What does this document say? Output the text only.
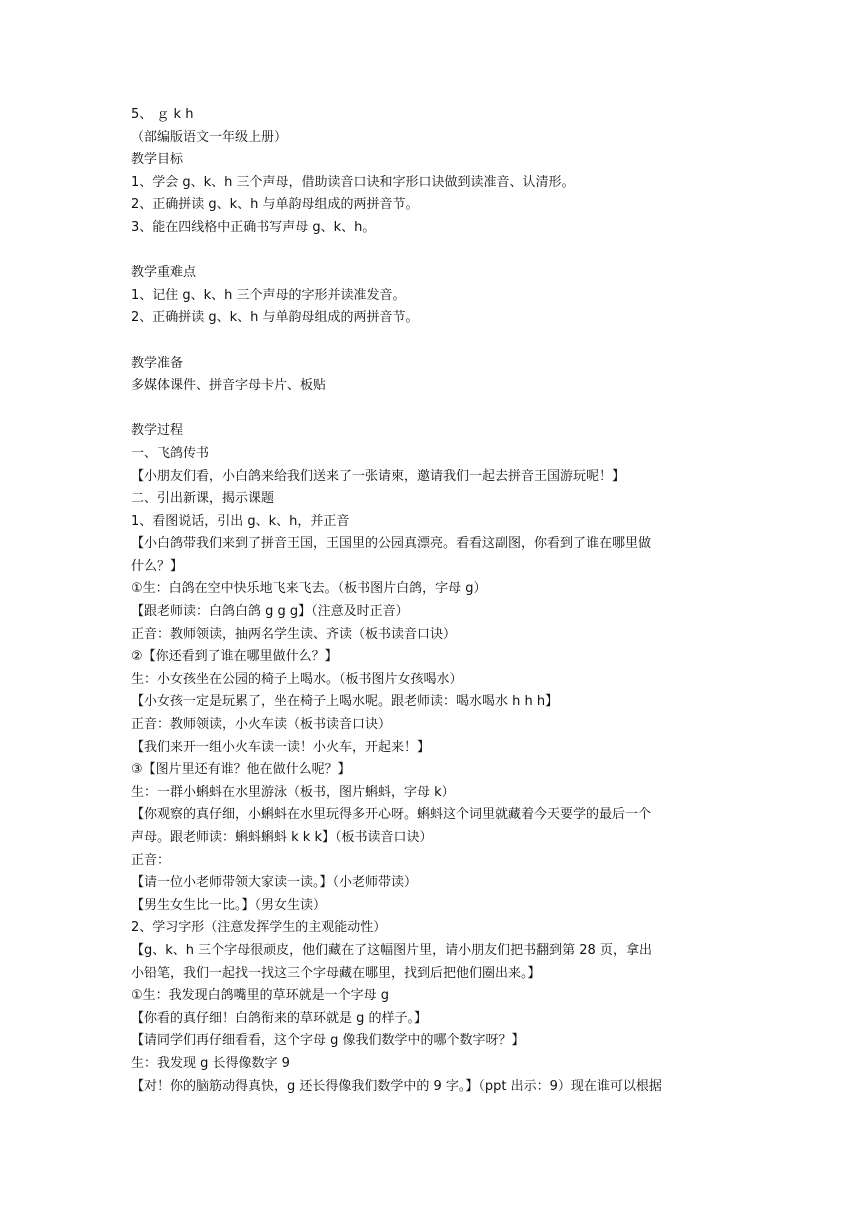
5、 ｇ k h
（部编版语文一年级上册）
教学目标
1、学会 g、k、h 三个声母，借助读音口诀和字形口诀做到读准音、认清形。
2、正确拼读 g、k、h 与单韵母组成的两拼音节。
3、能在四线格中正确书写声母 g、k、h。
教学重难点
1、记住 g、k、h 三个声母的字形并读准发音。
2、正确拼读 g、k、h 与单韵母组成的两拼音节。
教学准备
多媒体课件、拼音字母卡片、板贴
教学过程
一、飞鸽传书
【小朋友们看，小白鸽来给我们送来了一张请柬，邀请我们一起去拼音王国游玩呢！】
二、引出新课，揭示课题
1、看图说话，引出 g、k、h，并正音
【小白鸽带我们来到了拼音王国，王国里的公园真漂亮。看看这副图，你看到了谁在哪里做
什么？】
①生：白鸽在空中快乐地飞来飞去。（板书图片白鸽，字母 g）
【跟老师读：白鸽白鸽 g g g】（注意及时正音）
正音：教师领读，抽两名学生读、齐读（板书读音口诀）
②【你还看到了谁在哪里做什么？】
生：小女孩坐在公园的椅子上喝水。（板书图片女孩喝水）
【小女孩一定是玩累了，坐在椅子上喝水呢。跟老师读：喝水喝水 h h h】
正音：教师领读，小火车读（板书读音口诀）
【我们来开一组小火车读一读！小火车，开起来！】
③【图片里还有谁？他在做什么呢？】
生：一群小蝌蚪在水里游泳（板书，图片蝌蚪，字母 k）
【你观察的真仔细，小蝌蚪在水里玩得多开心呀。蝌蚪这个词里就藏着今天要学的最后一个
声母。跟老师读：蝌蚪蝌蚪 k k k】（板书读音口诀）
正音：
【请一位小老师带领大家读一读。】（小老师带读）
【男生女生比一比。】（男女生读）
2、学习字形（注意发挥学生的主观能动性）
【g、k、h 三个字母很顽皮，他们藏在了这幅图片里，请小朋友们把书翻到第 28 页，拿出
小铅笔，我们一起找一找这三个字母藏在哪里，找到后把他们圈出来。】
①生：我发现白鸽嘴里的草环就是一个字母 g
【你看的真仔细！白鸽衔来的草环就是 g 的样子。】
【请同学们再仔细看看，这个字母 g 像我们数学中的哪个数字呀？】
生：我发现 g 长得像数字 9
【对！你的脑筋动得真快，g 还长得像我们数学中的 9 字。】（ppt 出示：9）现在谁可以根据
